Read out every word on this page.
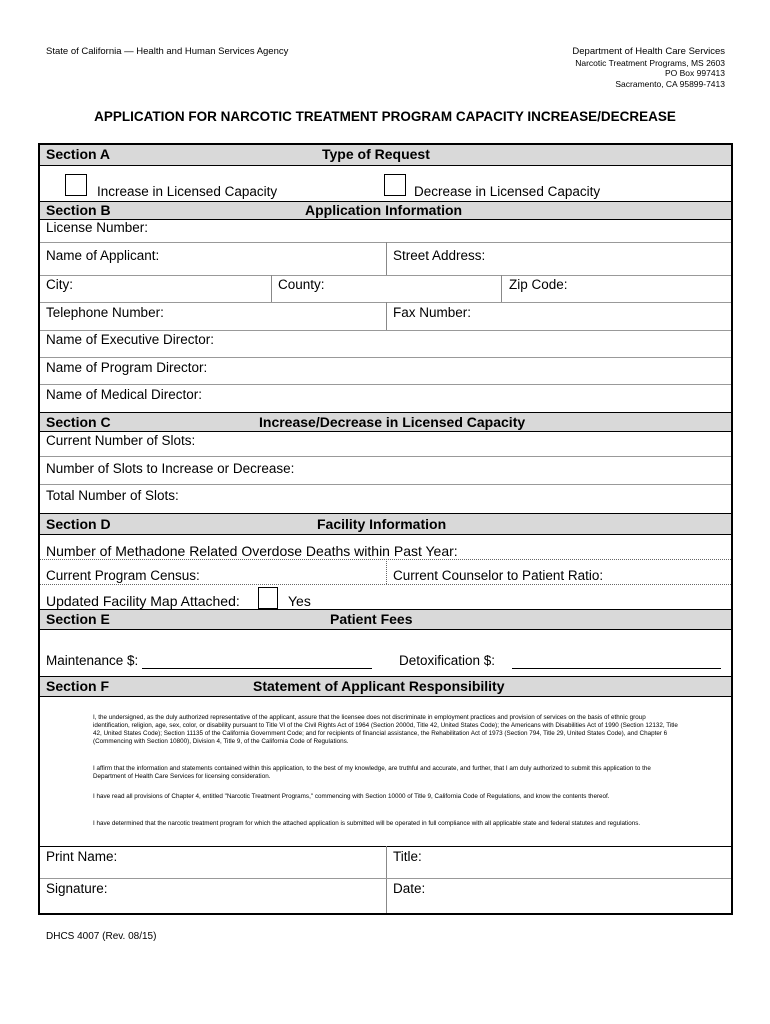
State of California — Health and Human Services Agency	Department of Health Care Services
Narcotic Treatment Programs, MS 2603
PO Box 997413
Sacramento, CA 95899-7413
APPLICATION FOR NARCOTIC TREATMENT PROGRAM CAPACITY INCREASE/DECREASE
Section A	Type of Request
Increase in Licensed Capacity	Decrease in Licensed Capacity
Section B	Application Information
License Number:
Name of Applicant:	Street Address:
City:	County:	Zip Code:
Telephone Number:	Fax Number:
Name of Executive Director:
Name of Program Director:
Name of Medical Director:
Section C	Increase/Decrease in Licensed Capacity
Current Number of Slots:
Number of Slots to Increase or Decrease:
Total Number of Slots:
Section D	Facility Information
Number of Methadone Related Overdose Deaths within Past Year:
Current Program Census:	Current Counselor to Patient Ratio:
Updated Facility Map Attached:	Yes
Section E	Patient Fees
Maintenance $:	Detoxification $:
Section F	Statement of Applicant Responsibility
I, the undersigned, as the duly authorized representative of the applicant, assure that the licensee does not discriminate in employment practices and provision of services on the basis of ethnic group identification, religion, age, sex, color, or disability pursuant to Title VI of the Civil Rights Act of 1964 (Section 2000d, Title 42, United States Code); the Americans with Disabilities Act of 1990 (Section 12132, Title 42, United States Code); Section 11135 of the California Government Code; and for recipients of financial assistance, the Rehabilitation Act of 1973 (Section 794, Title 29, United States Code), and Chapter 6 (Commencing with Section 10800), Division 4, Title 9, of the California Code of Regulations.
I affirm that the information and statements contained within this application, to the best of my knowledge, are truthful and accurate, and further, that I am duly authorized to submit this application to the Department of Health Care Services for licensing consideration.
I have read all provisions of Chapter 4, entitled "Narcotic Treatment Programs," commencing with Section 10000 of Title 9, California Code of Regulations, and know the contents thereof.
I have determined that the narcotic treatment program for which the attached application is submitted will be operated in full compliance with all applicable state and federal statutes and regulations.
Print Name:	Title:
Signature:	Date:
DHCS 4007 (Rev. 08/15)
